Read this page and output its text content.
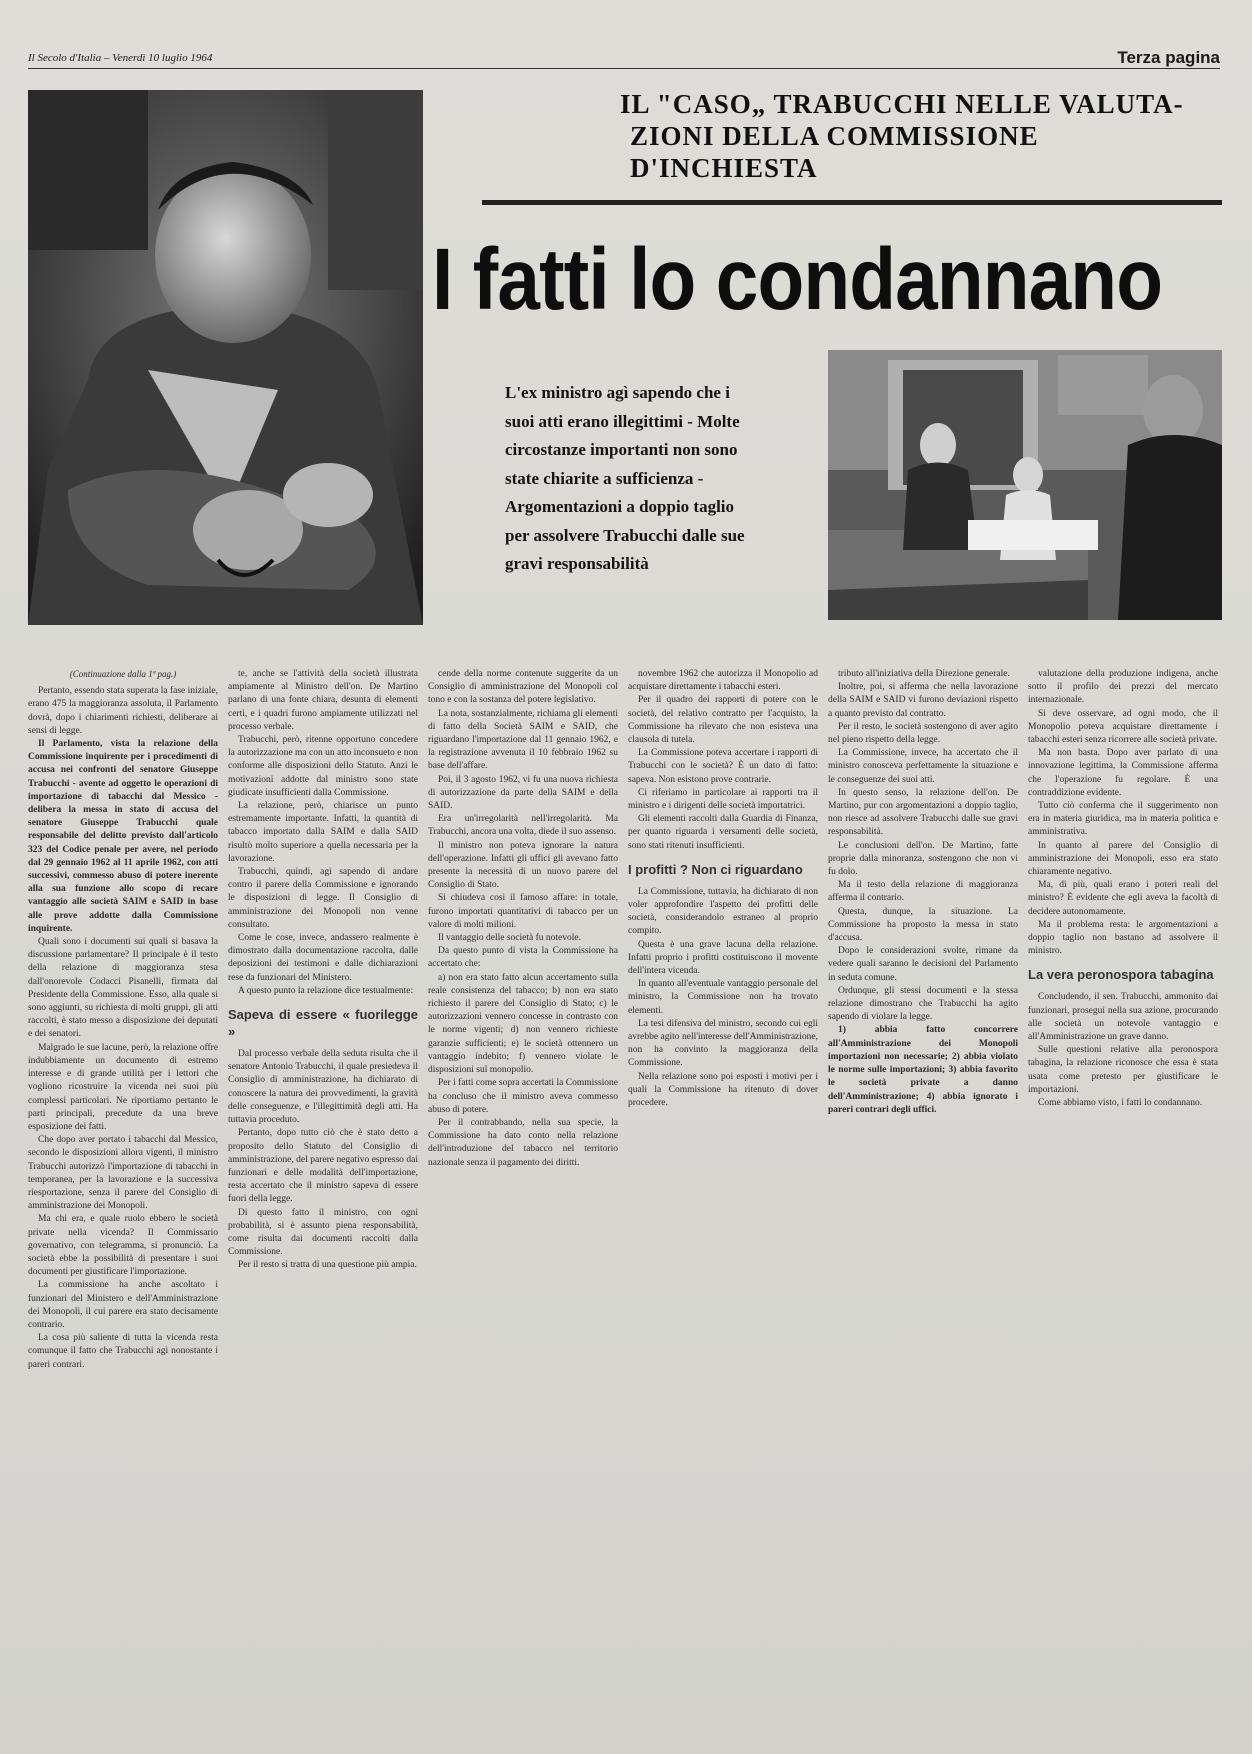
Il Secolo d'Italia – Venerdì 10 luglio 1964	Terza pagina
IL "CASO„ TRABUCCHI NELLE VALUTA-
ZIONI DELLA COMMISSIONE D'INCHIESTA
I fatti lo condannano
L'ex ministro agì sapendo che i suoi atti erano illegittimi - Molte circostanze importanti non sono state chiarite a sufficienza - Argomentazioni a doppio taglio per assolvere Trabucchi dalle sue gravi responsabilità

(Continuazione dalla 1ª pag.)

Pertanto, essendo stata superata la fase iniziale, erano 475 la maggioranza assoluta, il Parlamento dovrà, dopo i chiarimenti richiesti, deliberare ai sensi di legge.

Il Parlamento, vista la relazione della Commissione inquirente per i procedimenti di accusa nei confronti del senatore Giuseppe Trabucchi - avente ad oggetto le operazioni di importazione di tabacchi dal Messico - delibera la messa in stato di accusa del senatore Giuseppe Trabucchi quale responsabile del delitto previsto dall'articolo 323 del Codice penale per avere, nel periodo dal 29 gennaio 1962 al 11 aprile 1962, con atti successivi, commesso abuso di potere inerente alla sua funzione allo scopo di recare vantaggio alle società SAIM e SAID in base alle prove addotte dalla Commissione inquirente.

Quali sono i documenti sui quali si basava la discussione parlamentare? Il principale è il testo della relazione di maggioranza stesa dall'onorevole Codacci Pisanelli, firmata dal Presidente della Commissione. Esso, alla quale si sono aggiunti, su richiesta di molti gruppi, gli atti raccolti, è stato messo a disposizione dei deputati e dei senatori.

Malgrado le sue lacune, però, la relazione offre indubbiamente un documento di estremo interesse e di grande utilità per i lettori che vogliono ricostruire la vicenda nei suoi più complessi particolari. Ne riportiamo pertanto le parti principali, precedute da una breve esposizione dei fatti.

Che dopo aver portato i tabacchi dal Messico, secondo le disposizioni allora vigenti, il ministro Trabucchi autorizzò l'importazione di tabacchi in temporanea, per la lavorazione e la successiva riesportazione, senza il parere del Consiglio di amministrazione dei Monopoli.

Ma chi era, e quale ruolo ebbero le società private nella vicenda? Il Commissario governativo, con telegramma, si pronunciò. La società ebbe la possibilità di presentare i suoi documenti per giustificare l'importazione.

La commissione ha anche ascoltato i funzionari del Ministero e dell'Amministrazione dei Monopoli, il cui parere era stato decisamente contrario.

La cosa più saliente di tutta la vicenda resta comunque il fatto che Trabucchi agì nonostante i pareri contrari.

te, anche se l'attività della società illustrata ampiamente al Ministro dell'on. De Martino parlano di una fonte chiara, desunta di elementi certi, e i quadri furono ampiamente utilizzati nel processo verbale.

Trabucchi, però, ritenne opportuno concedere la autorizzazione ma con un atto inconsueto e non conforme alle disposizioni dello Statuto. Anzi le motivazioni addotte dal ministro sono state giudicate insufficienti dalla Commissione.

La relazione, però, chiarisce un punto estremamente importante. Infatti, la quantità di tabacco importato dalla SAIM e dalla SAID risultò molto superiore a quella necessaria per la lavorazione.

Trabucchi, quindi, agì sapendo di andare contro il parere della Commissione e ignorando le disposizioni di legge. Il Consiglio di amministrazione dei Monopoli non venne consultato.

Come le cose, invece, andassero realmente è dimostrato dalla documentazione raccolta, dalle deposizioni dei testimoni e dalle dichiarazioni rese da funzionari del Ministero.

A questo punto la relazione dice testualmente:

Sapeva di essere « fuorilegge »

Dal processo verbale della seduta risulta che il senatore Antonio Trabucchi, il quale presiedeva il Consiglio di amministrazione, ha dichiarato di conoscere la natura dei provvedimenti, la gravità delle conseguenze, e l'illegittimità degli atti. Ha tuttavia proceduto.

Pertanto, dopo tutto ciò che è stato detto a proposito dello Statuto del Consiglio di amministrazione, del parere negativo espresso dai funzionari e delle modalità dell'importazione, resta accertato che il ministro sapeva di essere fuori della legge.

Di questo fatto il ministro, con ogni probabilità, si è assunto piena responsabilità, come risulta dai documenti raccolti dalla Commissione.

Per il resto si tratta di una questione più ampia.

cende della norme contenute suggerite da un Consiglio di amministrazione del Monopoli col tono e con la sostanza del potere legislativo.

La nota, sostanzialmente, richiama gli elementi di fatto della Società SAIM e SAID, che riguardano l'importazione dal 11 gennaio 1962, e la registrazione avvenuta il 10 febbraio 1962 su base dell'affare.

Poi, il 3 agosto 1962, vi fu una nuova richiesta di autorizzazione da parte della SAIM e della SAID.

Era un'irregolarità nell'irregolarità. Ma Trabucchi, ancora una volta, diede il suo assenso.

Il ministro non poteva ignorare la natura dell'operazione. Infatti gli uffici gli avevano fatto presente la necessità di un nuovo parere del Consiglio di Stato.

Si chiudeva così il famoso affare: in totale, furono importati quantitativi di tabacco per un valore di molti milioni.

Il vantaggio delle società fu notevole.

Da questo punto di vista la Commissione ha accertato che:

a) non era stato fatto alcun accertamento sulla reale consistenza del tabacco; b) non era stato richiesto il parere del Consiglio di Stato; c) le autorizzazioni vennero concesse in contrasto con le norme vigenti; d) non vennero richieste garanzie sufficienti; e) le società ottennero un vantaggio indebito; f) vennero violate le disposizioni sul monopolio.

Per i fatti come sopra accertati la Commissione ha concluso che il ministro aveva commesso abuso di potere.

Per il contrabbando, nella sua specie, la Commissione ha dato conto nella relazione dell'introduzione del tabacco nel territorio nazionale senza il pagamento dei diritti.

novembre 1962 che autorizza il Monopolio ad acquistare direttamente i tabacchi esteri.

Per il quadro dei rapporti di potere con le società, del relativo contratto per l'acquisto, la Commissione ha rilevato che non esisteva una clausola di tutela.

La Commissione poteva accertare i rapporti di Trabucchi con le società? È un dato di fatto: sapeva. Non esistono prove contrarie.

Ci riferiamo in particolare ai rapporti tra il ministro e i dirigenti delle società importatrici.

Gli elementi raccolti dalla Guardia di Finanza, per quanto riguarda i versamenti delle società, sono stati ritenuti insufficienti.

I profitti ? Non ci riguardano

La Commissione, tuttavia, ha dichiarato di non voler approfondire l'aspetto dei profitti delle società, considerandolo estraneo al proprio compito.

Questa è una grave lacuna della relazione. Infatti proprio i profitti costituiscono il movente dell'intera vicenda.

In quanto all'eventuale vantaggio personale del ministro, la Commissione non ha trovato elementi.

La tesi difensiva del ministro, secondo cui egli avrebbe agito nell'interesse dell'Amministrazione, non ha convinto la maggioranza della Commissione.

Nella relazione sono poi esposti i motivi per i quali la Commissione ha ritenuto di dover procedere.

tributo all'iniziativa della Direzione generale.

Inoltre, poi, si afferma che nella lavorazione della SAIM e SAID vi furono deviazioni rispetto a quanto previsto dal contratto.

Per il resto, le società sostengono di aver agito nel pieno rispetto della legge.

La Commissione, invece, ha accertato che il ministro conosceva perfettamente la situazione e le conseguenze dei suoi atti.

In questo senso, la relazione dell'on. De Martino, pur con argomentazioni a doppio taglio, non riesce ad assolvere Trabucchi dalle sue gravi responsabilità.

Le conclusioni dell'on. De Martino, fatte proprie dalla minoranza, sostengono che non vi fu dolo.

Ma il testo della relazione di maggioranza afferma il contrario.

Questa, dunque, la situazione. La Commissione ha proposto la messa in stato d'accusa.

Dopo le considerazioni svolte, rimane da vedere quali saranno le decisioni del Parlamento in seduta comune.

Ordunque, gli stessi documenti e la stessa relazione dimostrano che Trabucchi ha agito sapendo di violare la legge.

1) abbia fatto concorrere all'Amministrazione dei Monopoli importazioni non necessarie; 2) abbia violato le norme sulle importazioni; 3) abbia favorito le società private a danno dell'Amministrazione; 4) abbia ignorato i pareri contrari degli uffici.

valutazione della produzione indigena, anche sotto il profilo dei prezzi del mercato internazionale.

Si deve osservare, ad ogni modo, che il Monopolio poteva acquistare direttamente i tabacchi esteri senza ricorrere alle società private.

Ma non basta. Dopo aver parlato di una innovazione legittima, la Commissione afferma che l'operazione fu regolare. È una contraddizione evidente.

Tutto ciò conferma che il suggerimento non era in materia giuridica, ma in materia politica e amministrativa.

In quanto al parere del Consiglio di amministrazione dei Monopoli, esso era stato chiaramente negativo.

Ma, di più, quali erano i poteri reali del ministro? È evidente che egli aveva la facoltà di decidere autonomamente.

Ma il problema resta: le argomentazioni a doppio taglio non bastano ad assolvere il ministro.

La vera peronospora tabagina

Concludendo, il sen. Trabucchi, ammonito dai funzionari, proseguì nella sua azione, procurando alle società un notevole vantaggio e all'Amministrazione un grave danno.

Sulle questioni relative alla peronospora tabagina, la relazione riconosce che essa è stata usata come pretesto per giustificare le importazioni.

Come abbiamo visto, i fatti lo condannano.
